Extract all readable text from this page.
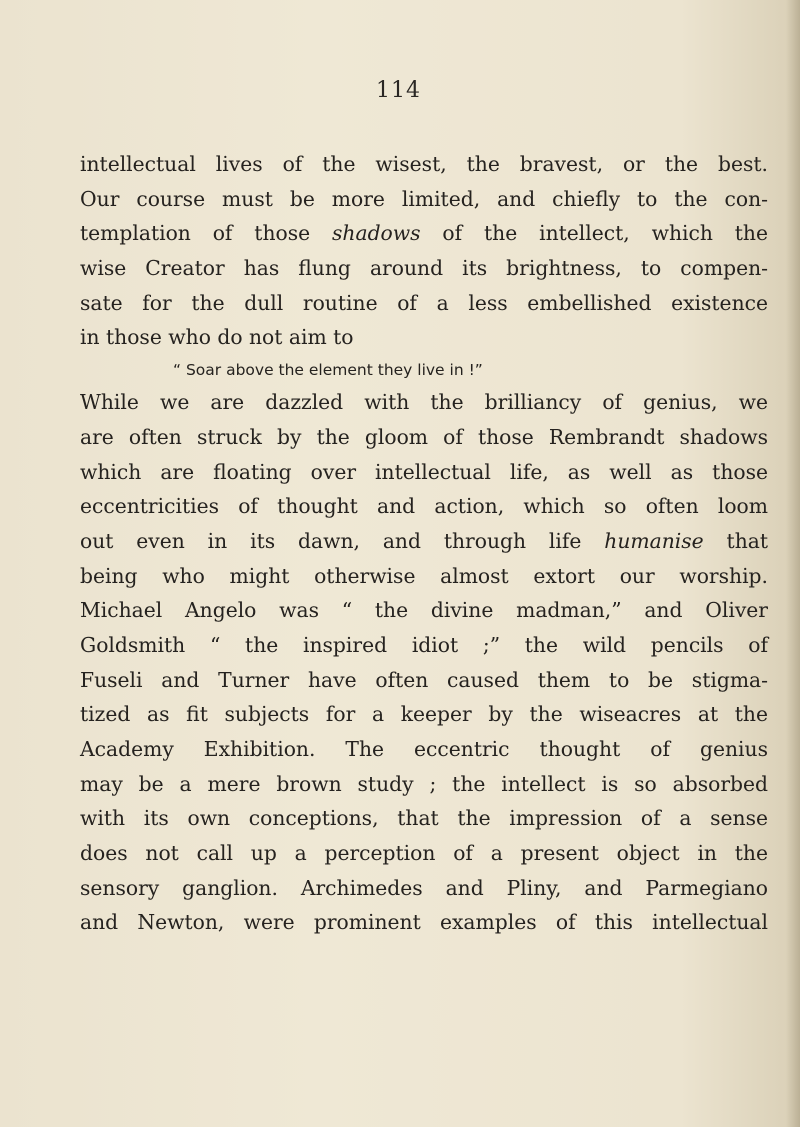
114
intellectual lives of the wisest, the bravest, or the best.
Our course must be more limited, and chiefly to the con-
templation of those shadows of the intellect, which the
wise Creator has flung around its brightness, to compen-
sate for the dull routine of a less embellished existence
in those who do not aim to
“ Soar above the element they live in !”
While we are dazzled with the brilliancy of genius, we
are often struck by the gloom of those Rembrandt shadows
which are floating over intellectual life, as well as those
eccentricities of thought and action, which so often loom
out even in its dawn, and through life humanise that
being who might otherwise almost extort our worship.
Michael Angelo was “ the divine madman,” and Oliver
Goldsmith “ the inspired idiot ;” the wild pencils of
Fuseli and Turner have often caused them to be stigma-
tized as fit subjects for a keeper by the wiseacres at the
Academy Exhibition. The eccentric thought of genius
may be a mere brown study ; the intellect is so absorbed
with its own conceptions, that the impression of a sense
does not call up a perception of a present object in the
sensory ganglion. Archimedes and Pliny, and Parmegiano
and Newton, were prominent examples of this intellectual
